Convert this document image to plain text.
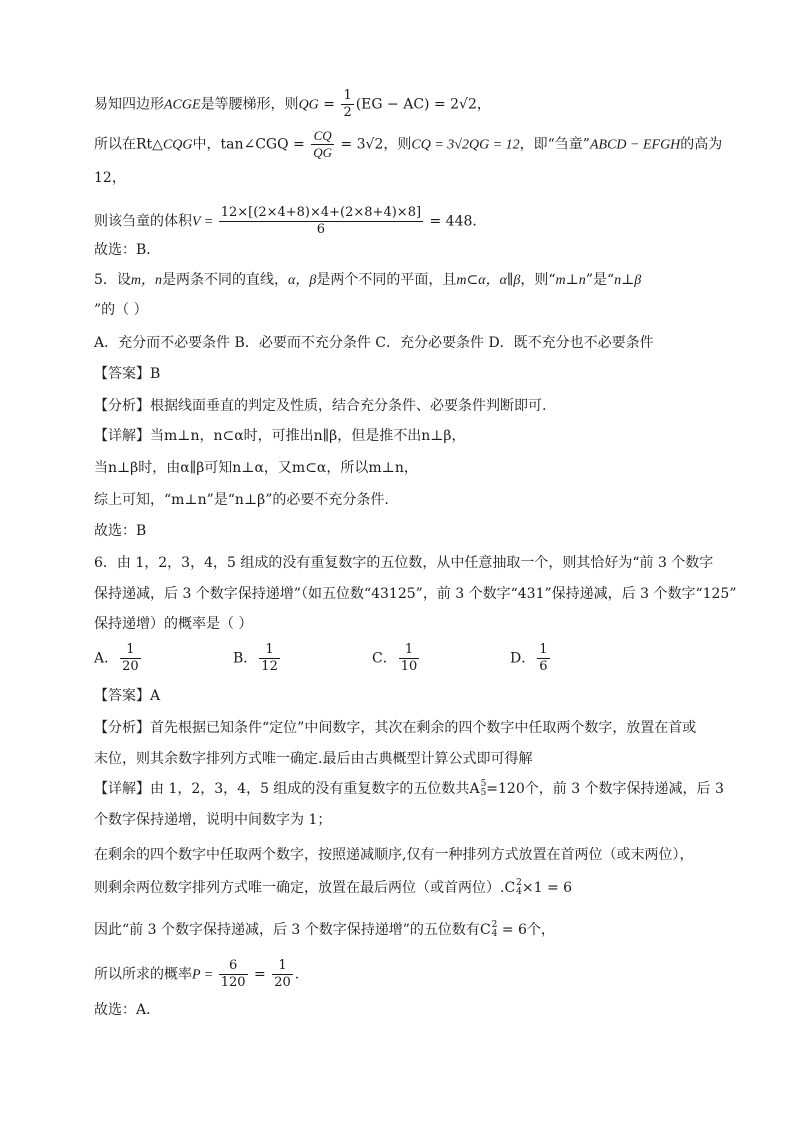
易知四边形ACGE是等腰梯形，则QG = $\frac{1}{2} (EG - AC) = 2√2$，
所以在Rt△CQG中，tan∠CGQ = $\frac{CQ}{QG} = 3√2$，则CQ = 3√2QG = 12，即“刍童”ABCD − EFGH的高为
12，
则该刍童的体积$V = \frac{12\times[(2\times 4+8)\times 4+(2\times 8+4)\times 8]}{6} = 448$.
故选：B．
5．设m，n是两条不同的直线，α，β是两个不同的平面，且m⊂α，α∥β，则“m⊥n”是“n⊥β
”的（ ）
A．充分而不必要条件 B．必要而不充分条件 C．充分必要条件 D．既不充分也不必要条件
【答案】B
【分析】根据线面垂直的判定及性质，结合充分条件、必要条件判断即可.
【详解】当m⊥n，n⊂α时，可推出n∥β，但是推不出n⊥β，
当n⊥β时，由α∥β可知n⊥α，又m⊂α，所以m⊥n，
综上可知，“m⊥n”是“n⊥β”的必要不充分条件.
故选：B
6．由 1，2，3，4，5 组成的没有重复数字的五位数，从中任意抽取一个，则其恰好为“前 3 个数字
保持递减，后 3 个数字保持递增”（如五位数“43125”，前 3 个数字“431”保持递减，后 3 个数字“125”
保持递增）的概率是（ ）
A． $\frac{1}{20}$	B． $\frac{1}{12}$	C． $\frac{1}{10}$	D． $\frac{1}{6}$
【答案】A
【分析】首先根据已知条件“定位”中间数字，其次在剩余的四个数字中任取两个数字，放置在首或
末位，则其余数字排列方式唯一确定.最后由古典概型计算公式即可得解
【详解】由 1，2，3，4，5 组成的没有重复数字的五位数共A 5
5 =120个，前 3 个数字保持递减，后 3
个数字保持递增，说明中间数字为 1；
在剩余的四个数字中任取两个数字，按照递减顺序,仅有一种排列方式放置在首两位（或末两位），
则剩余两位数字排列方式唯一确定，放置在最后两位（或首两位）.C 2
4 ×1 = 6
因此“前 3 个数字保持递减，后 3 个数字保持递增”的五位数有C 2
4 = 6个，
所以所求的概率$P = \frac{6}{120} = \frac{1}{20}$ .
故选：A．
